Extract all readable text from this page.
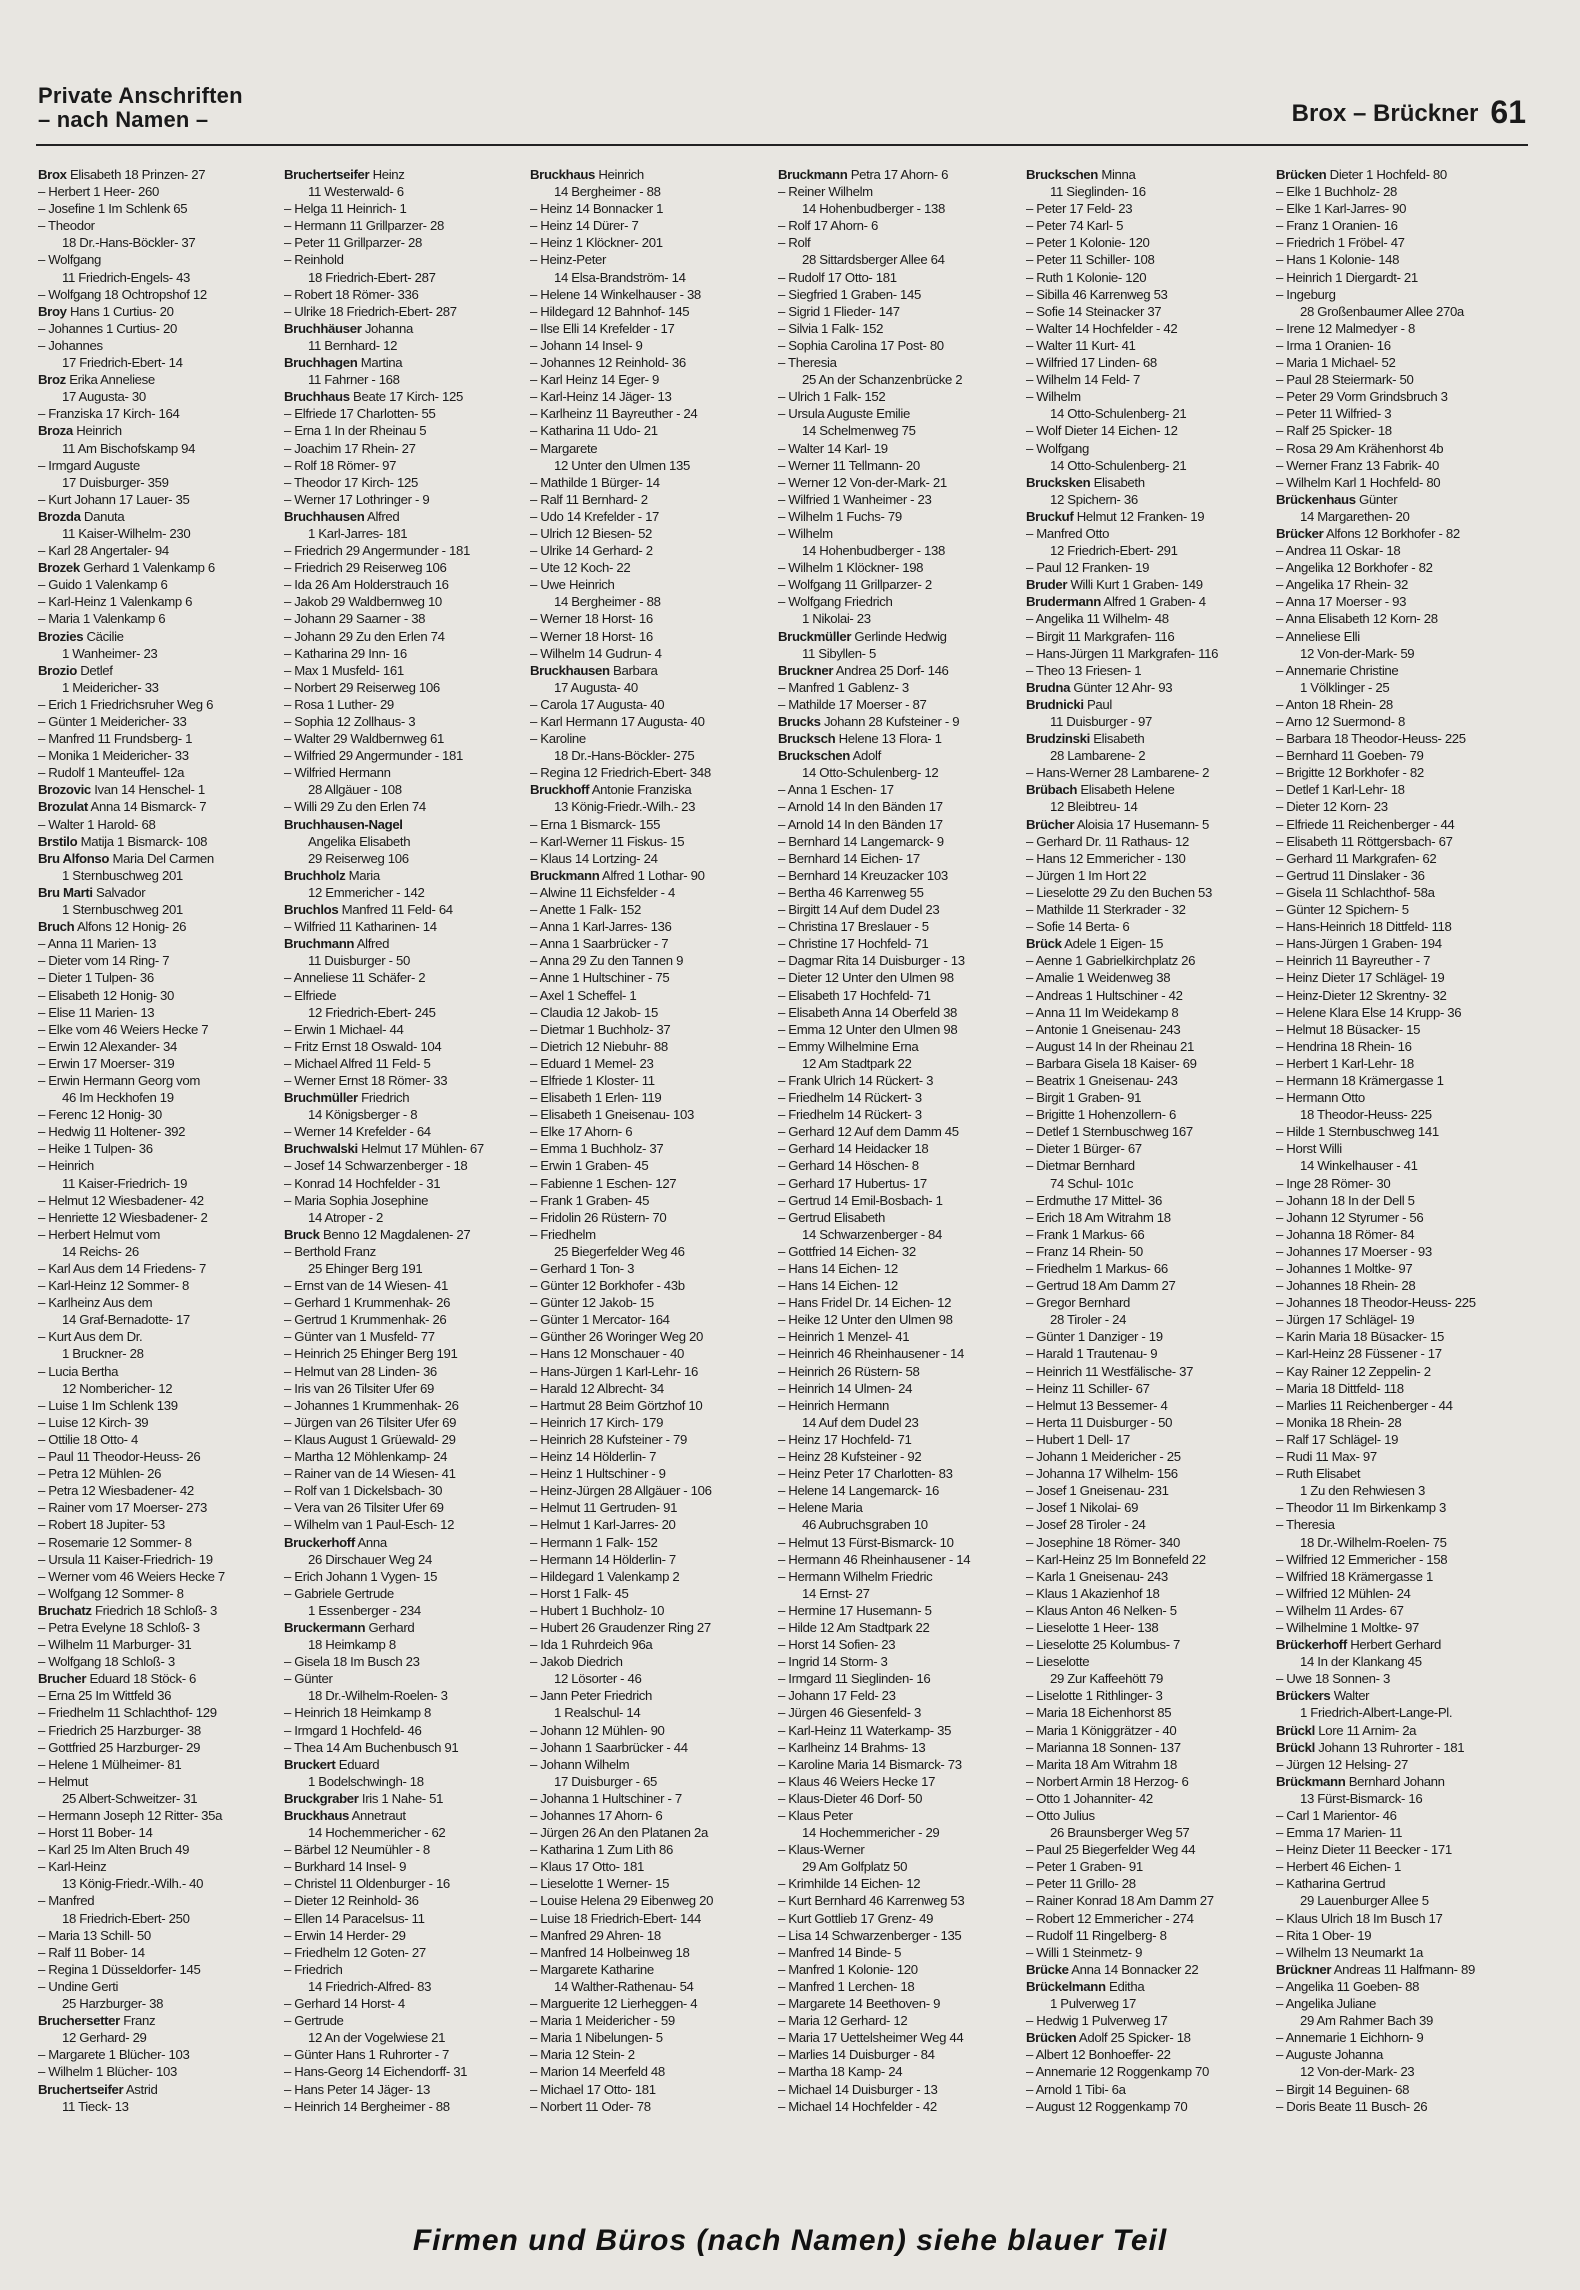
Private Anschriften
– nach Namen –	Brox – Brückner 61
Brox Elisabeth 18 Prinzen- 27
– Herbert 1 Heer- 260
– Josefine 1 Im Schlenk 65
– Theodor
18 Dr.-Hans-Böckler- 37
– Wolfgang
11 Friedrich-Engels- 43
– Wolfgang 18 Ochtropshof 12
Broy Hans 1 Curtius- 20
– Johannes 1 Curtius- 20
– Johannes
17 Friedrich-Ebert- 14
Broz Erika Anneliese
17 Augusta- 30
– Franziska 17 Kirch- 164
Broza Heinrich
11 Am Bischofskamp 94
– Irmgard Auguste
17 Duisburger- 359
– Kurt Johann 17 Lauer- 35
Brozda Danuta
11 Kaiser-Wilhelm- 230
– Karl 28 Angertaler- 94
Brozek Gerhard 1 Valenkamp 6
– Guido 1 Valenkamp 6
– Karl-Heinz 1 Valenkamp 6
– Maria 1 Valenkamp 6
Brozies Cäcilie
1 Wanheimer- 23
Brozio Detlef
1 Meidericher- 33
– Erich 1 Friedrichsruher Weg 6
– Günter 1 Meidericher- 33
– Manfred 11 Frundsberg- 1
– Monika 1 Meidericher- 33
– Rudolf 1 Manteuffel- 12a
Brozovic Ivan 14 Henschel- 1
Brozulat Anna 14 Bismarck- 7
– Walter 1 Harold- 68
Brstilo Matija 1 Bismarck- 108
Bru Alfonso Maria Del Carmen
1 Sternbuschweg 201
Bru Marti Salvador
1 Sternbuschweg 201
Bruch Alfons 12 Honig- 26
– Anna 11 Marien- 13
– Dieter vom 14 Ring- 7
– Dieter 1 Tulpen- 36
– Elisabeth 12 Honig- 30
– Elise 11 Marien- 13
– Elke vom 46 Weiers Hecke 7
– Erwin 12 Alexander- 34
– Erwin 17 Moerser- 319
– Erwin Hermann Georg vom
46 Im Heckhofen 19
– Ferenc 12 Honig- 30
– Hedwig 11 Holtener- 392
– Heike 1 Tulpen- 36
– Heinrich
11 Kaiser-Friedrich- 19
– Helmut 12 Wiesbadener- 42
– Henriette 12 Wiesbadener- 2
– Herbert Helmut vom
14 Reichs- 26
– Karl Aus dem 14 Friedens- 7
– Karl-Heinz 12 Sommer- 8
– Karlheinz Aus dem
14 Graf-Bernadotte- 17
– Kurt Aus dem Dr.
1 Bruckner- 28
– Lucia Bertha
12 Nombericher- 12
– Luise 1 Im Schlenk 139
– Luise 12 Kirch- 39
– Ottilie 18 Otto- 4
– Paul 11 Theodor-Heuss- 26
– Petra 12 Mühlen- 26
– Petra 12 Wiesbadener- 42
– Rainer vom 17 Moerser- 273
– Robert 18 Jupiter- 53
– Rosemarie 12 Sommer- 8
– Ursula 11 Kaiser-Friedrich- 19
– Werner vom 46 Weiers Hecke 7
– Wolfgang 12 Sommer- 8
Bruchatz Friedrich 18 Schloß- 3
– Petra Evelyne 18 Schloß- 3
– Wilhelm 11 Marburger- 31
– Wolfgang 18 Schloß- 3
Brucher Eduard 18 Stöck- 6
– Erna 25 Im Wittfeld 36
– Friedhelm 11 Schlachthof- 129
– Friedrich 25 Harzburger- 38
– Gottfried 25 Harzburger- 29
– Helene 1 Mülheimer- 81
– Helmut
25 Albert-Schweitzer- 31
– Hermann Joseph 12 Ritter- 35a
– Horst 11 Bober- 14
– Karl 25 Im Alten Bruch 49
– Karl-Heinz
13 König-Friedr.-Wilh.- 40
– Manfred
18 Friedrich-Ebert- 250
– Maria 13 Schill- 50
– Ralf 11 Bober- 14
– Regina 1 Düsseldorfer- 145
– Undine Gerti
25 Harzburger- 38
Bruchersetter Franz
12 Gerhard- 29
– Margarete 1 Blücher- 103
– Wilhelm 1 Blücher- 103
Bruchertseifer Astrid
11 Tieck- 13
Bruchertseifer Heinz
11 Westerwald- 6
– Helga 11 Heinrich- 1
– Hermann 11 Grillparzer- 28
– Peter 11 Grillparzer- 28
– Reinhold
18 Friedrich-Ebert- 287
– Robert 18 Römer- 336
– Ulrike 18 Friedrich-Ebert- 287
Bruchhäuser Johanna
11 Bernhard- 12
Bruchhagen Martina
11 Fahrner - 168
Bruchhaus Beate 17 Kirch- 125
– Elfriede 17 Charlotten- 55
– Erna 1 In der Rheinau 5
– Joachim 17 Rhein- 27
– Rolf 18 Römer- 97
– Theodor 17 Kirch- 125
– Werner 17 Lothringer - 9
Bruchhausen Alfred
1 Karl-Jarres- 181
– Friedrich 29 Angermunder - 181
– Friedrich 29 Reiserweg 106
– Ida 26 Am Holderstrauch 16
– Jakob 29 Waldbernweg 10
– Johann 29 Saarner - 38
– Johann 29 Zu den Erlen 74
– Katharina 29 Inn- 16
– Max 1 Musfeld- 161
– Norbert 29 Reiserweg 106
– Rosa 1 Luther- 29
– Sophia 12 Zollhaus- 3
– Walter 29 Waldbernweg 61
– Wilfried 29 Angermunder - 181
– Wilfried Hermann
28 Allgäuer - 108
– Willi 29 Zu den Erlen 74
Bruchhausen-Nagel
Angelika Elisabeth
29 Reiserweg 106
Bruchholz Maria
12 Emmericher - 142
Bruchlos Manfred 11 Feld- 64
– Wilfried 11 Katharinen- 14
Bruchmann Alfred
11 Duisburger - 50
– Anneliese 11 Schäfer- 2
– Elfriede
12 Friedrich-Ebert- 245
– Erwin 1 Michael- 44
– Fritz Ernst 18 Oswald- 104
– Michael Alfred 11 Feld- 5
– Werner Ernst 18 Römer- 33
Bruchmüller Friedrich
14 Königsberger - 8
– Werner 14 Krefelder - 64
Bruchwalski Helmut 17 Mühlen- 67
– Josef 14 Schwarzenberger - 18
– Konrad 14 Hochfelder - 31
– Maria Sophia Josephine
14 Atroper - 2
Bruck Benno 12 Magdalenen- 27
– Berthold Franz
25 Ehinger Berg 191
– Ernst van de 14 Wiesen- 41
– Gerhard 1 Krummenhak- 26
– Gertrud 1 Krummenhak- 26
– Günter van 1 Musfeld- 77
– Heinrich 25 Ehinger Berg 191
– Helmut van 28 Linden- 36
– Iris van 26 Tilsiter Ufer 69
– Johannes 1 Krummenhak- 26
– Jürgen van 26 Tilsiter Ufer 69
– Klaus August 1 Grüewald- 29
– Martha 12 Möhlenkamp- 24
– Rainer van de 14 Wiesen- 41
– Rolf van 1 Dickelsbach- 30
– Vera van 26 Tilsiter Ufer 69
– Wilhelm van 1 Paul-Esch- 12
Bruckerhoff Anna
26 Dirschauer Weg 24
– Erich Johann 1 Vygen- 15
– Gabriele Gertrude
1 Essenberger - 234
Bruckermann Gerhard
18 Heimkamp 8
– Gisela 18 Im Busch 23
– Günter
18 Dr.-Wilhelm-Roelen- 3
– Heinrich 18 Heimkamp 8
– Irmgard 1 Hochfeld- 46
– Thea 14 Am Buchenbusch 91
Bruckert Eduard
1 Bodelschwingh- 18
Bruckgraber Iris 1 Nahe- 51
Bruckhaus Annetraut
14 Hochemmericher - 62
– Bärbel 12 Neumühler - 8
– Burkhard 14 Insel- 9
– Christel 11 Oldenburger - 16
– Dieter 12 Reinhold- 36
– Ellen 14 Paracelsus- 11
– Erwin 14 Herder- 29
– Friedhelm 12 Goten- 27
– Friedrich
14 Friedrich-Alfred- 83
– Gerhard 14 Horst- 4
– Gertrude
12 An der Vogelwiese 21
– Günter Hans 1 Ruhrorter - 7
– Hans-Georg 14 Eichendorff- 31
– Hans Peter 14 Jäger- 13
– Heinrich 14 Bergheimer - 88
Bruckhaus Heinrich
14 Bergheimer - 88
– Heinz 14 Bonnacker 1
– Heinz 14 Dürer- 7
– Heinz 1 Klöckner- 201
– Heinz-Peter
14 Elsa-Brandström- 14
– Helene 14 Winkelhauser - 38
– Hildegard 12 Bahnhof- 145
– Ilse Elli 14 Krefelder - 17
– Johann 14 Insel- 9
– Johannes 12 Reinhold- 36
– Karl Heinz 14 Eger- 9
– Karl-Heinz 14 Jäger- 13
– Karlheinz 11 Bayreuther - 24
– Katharina 11 Udo- 21
– Margarete
12 Unter den Ulmen 135
– Mathilde 1 Bürger- 14
– Ralf 11 Bernhard- 2
– Udo 14 Krefelder - 17
– Ulrich 12 Biesen- 52
– Ulrike 14 Gerhard- 2
– Ute 12 Koch- 22
– Uwe Heinrich
14 Bergheimer - 88
– Werner 18 Horst- 16
– Werner 18 Horst- 16
– Wilhelm 14 Gudrun- 4
Bruckhausen Barbara
17 Augusta- 40
– Carola 17 Augusta- 40
– Karl Hermann 17 Augusta- 40
– Karoline
18 Dr.-Hans-Böckler- 275
– Regina 12 Friedrich-Ebert- 348
Bruckhoff Antonie Franziska
13 König-Friedr.-Wilh.- 23
– Erna 1 Bismarck- 155
– Karl-Werner 11 Fiskus- 15
– Klaus 14 Lortzing- 24
Bruckmann Alfred 1 Lothar- 90
– Alwine 11 Eichsfelder - 4
– Anette 1 Falk- 152
– Anna 1 Karl-Jarres- 136
– Anna 1 Saarbrücker - 7
– Anna 29 Zu den Tannen 9
– Anne 1 Hultschiner - 75
– Axel 1 Scheffel- 1
– Claudia 12 Jakob- 15
– Dietmar 1 Buchholz- 37
– Dietrich 12 Niebuhr- 88
– Eduard 1 Memel- 23
– Elfriede 1 Kloster- 11
– Elisabeth 1 Erlen- 119
– Elisabeth 1 Gneisenau- 103
– Elke 17 Ahorn- 6
– Emma 1 Buchholz- 37
– Erwin 1 Graben- 45
– Fabienne 1 Eschen- 127
– Frank 1 Graben- 45
– Fridolin 26 Rüstern- 70
– Friedhelm
25 Biegerfelder Weg 46
– Gerhard 1 Ton- 3
– Günter 12 Borkhofer - 43b
– Günter 12 Jakob- 15
– Günter 1 Mercator- 164
– Günther 26 Woringer Weg 20
– Hans 12 Monschauer - 40
– Hans-Jürgen 1 Karl-Lehr- 16
– Harald 12 Albrecht- 34
– Hartmut 28 Beim Görtzhof 10
– Heinrich 17 Kirch- 179
– Heinrich 28 Kufsteiner - 79
– Heinz 14 Hölderlin- 7
– Heinz 1 Hultschiner - 9
– Heinz-Jürgen 28 Allgäuer - 106
– Helmut 11 Gertruden- 91
– Helmut 1 Karl-Jarres- 20
– Hermann 1 Falk- 152
– Hermann 14 Hölderlin- 7
– Hildegard 1 Valenkamp 2
– Horst 1 Falk- 45
– Hubert 1 Buchholz- 10
– Hubert 26 Graudenzer Ring 27
– Ida 1 Ruhrdeich 96a
– Jakob Diedrich
12 Lösorter - 46
– Jann Peter Friedrich
1 Realschul- 14
– Johann 12 Mühlen- 90
– Johann 1 Saarbrücker - 44
– Johann Wilhelm
17 Duisburger - 65
– Johanna 1 Hultschiner - 7
– Johannes 17 Ahorn- 6
– Jürgen 26 An den Platanen 2a
– Katharina 1 Zum Lith 86
– Klaus 17 Otto- 181
– Lieselotte 1 Werner- 15
– Louise Helena 29 Eibenweg 20
– Luise 18 Friedrich-Ebert- 144
– Manfred 29 Ahren- 18
– Manfred 14 Holbeinweg 18
– Margarete Katharine
14 Walther-Rathenau- 54
– Marguerite 12 Lierheggen- 4
– Maria 1 Meidericher - 59
– Maria 1 Nibelungen- 5
– Maria 12 Stein- 2
– Marion 14 Meerfeld 48
– Michael 17 Otto- 181
– Norbert 11 Oder- 78
Bruckmann Petra 17 Ahorn- 6
– Reiner Wilhelm
14 Hohenbudberger - 138
– Rolf 17 Ahorn- 6
– Rolf
28 Sittardsberger Allee 64
– Rudolf 17 Otto- 181
– Siegfried 1 Graben- 145
– Sigrid 1 Flieder- 147
– Silvia 1 Falk- 152
– Sophia Carolina 17 Post- 80
– Theresia
25 An der Schanzenbrücke 2
– Ulrich 1 Falk- 152
– Ursula Auguste Emilie
14 Schelmenweg 75
– Walter 14 Karl- 19
– Werner 11 Tellmann- 20
– Werner 12 Von-der-Mark- 21
– Wilfried 1 Wanheimer - 23
– Wilhelm 1 Fuchs- 79
– Wilhelm
14 Hohenbudberger - 138
– Wilhelm 1 Klöckner- 198
– Wolfgang 11 Grillparzer- 2
– Wolfgang Friedrich
1 Nikolai- 23
Bruckmüller Gerlinde Hedwig
11 Sibyllen- 5
Bruckner Andrea 25 Dorf- 146
– Manfred 1 Gablenz- 3
– Mathilde 17 Moerser - 87
Brucks Johann 28 Kufsteiner - 9
Brucksch Helene 13 Flora- 1
Bruckschen Adolf
14 Otto-Schulenberg- 12
– Anna 1 Eschen- 17
– Arnold 14 In den Bänden 17
– Arnold 14 In den Bänden 17
– Bernhard 14 Langemarck- 9
– Bernhard 14 Eichen- 17
– Bernhard 14 Kreuzacker 103
– Bertha 46 Karrenweg 55
– Birgitt 14 Auf dem Dudel 23
– Christina 17 Breslauer - 5
– Christine 17 Hochfeld- 71
– Dagmar Rita 14 Duisburger - 13
– Dieter 12 Unter den Ulmen 98
– Elisabeth 17 Hochfeld- 71
– Elisabeth Anna 14 Oberfeld 38
– Emma 12 Unter den Ulmen 98
– Emmy Wilhelmine Erna
12 Am Stadtpark 22
– Frank Ulrich 14 Rückert- 3
– Friedhelm 14 Rückert- 3
– Friedhelm 14 Rückert- 3
– Gerhard 12 Auf dem Damm 45
– Gerhard 14 Heidacker 18
– Gerhard 14 Höschen- 8
– Gerhard 17 Hubertus- 17
– Gertrud 14 Emil-Bosbach- 1
– Gertrud Elisabeth
14 Schwarzenberger - 84
– Gottfried 14 Eichen- 32
– Hans 14 Eichen- 12
– Hans 14 Eichen- 12
– Hans Fridel Dr. 14 Eichen- 12
– Heike 12 Unter den Ulmen 98
– Heinrich 1 Menzel- 41
– Heinrich 46 Rheinhausener - 14
– Heinrich 26 Rüstern- 58
– Heinrich 14 Ulmen- 24
– Heinrich Hermann
14 Auf dem Dudel 23
– Heinz 17 Hochfeld- 71
– Heinz 28 Kufsteiner - 92
– Heinz Peter 17 Charlotten- 83
– Helene 14 Langemarck- 16
– Helene Maria
46 Aubruchsgraben 10
– Helmut 13 Fürst-Bismarck- 10
– Hermann 46 Rheinhausener - 14
– Hermann Wilhelm Friedric
14 Ernst- 27
– Hermine 17 Husemann- 5
– Hilde 12 Am Stadtpark 22
– Horst 14 Sofien- 23
– Ingrid 14 Storm- 3
– Irmgard 11 Sieglinden- 16
– Johann 17 Feld- 23
– Jürgen 46 Giesenfeld- 3
– Karl-Heinz 11 Waterkamp- 35
– Karlheinz 14 Brahms- 13
– Karoline Maria 14 Bismarck- 73
– Klaus 46 Weiers Hecke 17
– Klaus-Dieter 46 Dorf- 50
– Klaus Peter
14 Hochemmericher - 29
– Klaus-Werner
29 Am Golfplatz 50
– Krimhilde 14 Eichen- 12
– Kurt Bernhard 46 Karrenweg 53
– Kurt Gottlieb 17 Grenz- 49
– Lisa 14 Schwarzenberger - 135
– Manfred 14 Binde- 5
– Manfred 1 Kolonie- 120
– Manfred 1 Lerchen- 18
– Margarete 14 Beethoven- 9
– Maria 12 Gerhard- 12
– Maria 17 Uettelsheimer Weg 44
– Marlies 14 Duisburger - 84
– Martha 18 Kamp- 24
– Michael 14 Duisburger - 13
– Michael 14 Hochfelder - 42
Bruckschen Minna
11 Sieglinden- 16
– Peter 17 Feld- 23
– Peter 74 Karl- 5
– Peter 1 Kolonie- 120
– Peter 11 Schiller- 108
– Ruth 1 Kolonie- 120
– Sibilla 46 Karrenweg 53
– Sofie 14 Steinacker 37
– Walter 14 Hochfelder - 42
– Walter 11 Kurt- 41
– Wilfried 17 Linden- 68
– Wilhelm 14 Feld- 7
– Wilhelm
14 Otto-Schulenberg- 21
– Wolf Dieter 14 Eichen- 12
– Wolfgang
14 Otto-Schulenberg- 21
Brucksken Elisabeth
12 Spichern- 36
Bruckuf Helmut 12 Franken- 19
– Manfred Otto
12 Friedrich-Ebert- 291
– Paul 12 Franken- 19
Bruder Willi Kurt 1 Graben- 149
Brudermann Alfred 1 Graben- 4
– Angelika 11 Wilhelm- 48
– Birgit 11 Markgrafen- 116
– Hans-Jürgen 11 Markgrafen- 116
– Theo 13 Friesen- 1
Brudna Günter 12 Ahr- 93
Brudnicki Paul
11 Duisburger - 97
Brudzinski Elisabeth
28 Lambarene- 2
– Hans-Werner 28 Lambarene- 2
Brübach Elisabeth Helene
12 Bleibtreu- 14
Brücher Aloisia 17 Husemann- 5
– Gerhard Dr. 11 Rathaus- 12
– Hans 12 Emmericher - 130
– Jürgen 1 Im Hort 22
– Lieselotte 29 Zu den Buchen 53
– Mathilde 11 Sterkrader - 32
– Sofie 14 Berta- 6
Brück Adele 1 Eigen- 15
– Aenne 1 Gabrielkirchplatz 26
– Amalie 1 Weidenweg 38
– Andreas 1 Hultschiner - 42
– Anna 11 Im Weidekamp 8
– Antonie 1 Gneisenau- 243
– August 14 In der Rheinau 21
– Barbara Gisela 18 Kaiser- 69
– Beatrix 1 Gneisenau- 243
– Birgit 1 Graben- 91
– Brigitte 1 Hohenzollern- 6
– Detlef 1 Sternbuschweg 167
– Dieter 1 Bürger- 67
– Dietmar Bernhard
74 Schul- 101c
– Erdmuthe 17 Mittel- 36
– Erich 18 Am Witrahm 18
– Frank 1 Markus- 66
– Franz 14 Rhein- 50
– Friedhelm 1 Markus- 66
– Gertrud 18 Am Damm 27
– Gregor Bernhard
28 Tiroler - 24
– Günter 1 Danziger - 19
– Harald 1 Trautenau- 9
– Heinrich 11 Westfälische- 37
– Heinz 11 Schiller- 67
– Helmut 13 Bessemer- 4
– Herta 11 Duisburger - 50
– Hubert 1 Dell- 17
– Johann 1 Meidericher - 25
– Johanna 17 Wilhelm- 156
– Josef 1 Gneisenau- 231
– Josef 1 Nikolai- 69
– Josef 28 Tiroler - 24
– Josephine 18 Römer- 340
– Karl-Heinz 25 Im Bonnefeld 22
– Karla 1 Gneisenau- 243
– Klaus 1 Akazienhof 18
– Klaus Anton 46 Nelken- 5
– Lieselotte 1 Heer- 138
– Lieselotte 25 Kolumbus- 7
– Lieselotte
29 Zur Kaffeehött 79
– Liselotte 1 Rithlinger- 3
– Maria 18 Eichenhorst 85
– Maria 1 Königgrätzer - 40
– Marianna 18 Sonnen- 137
– Marita 18 Am Witrahm 18
– Norbert Armin 18 Herzog- 6
– Otto 1 Johanniter- 42
– Otto Julius
26 Braunsberger Weg 57
– Paul 25 Biegerfelder Weg 44
– Peter 1 Graben- 91
– Peter 11 Grillo- 28
– Rainer Konrad 18 Am Damm 27
– Robert 12 Emmericher - 274
– Rudolf 11 Ringelberg- 8
– Willi 1 Steinmetz- 9
Brücke Anna 14 Bonnacker 22
Brückelmann Editha
1 Pulverweg 17
– Hedwig 1 Pulverweg 17
Brücken Adolf 25 Spicker- 18
– Albert 12 Bonhoeffer- 22
– Annemarie 12 Roggenkamp 70
– Arnold 1 Tibi- 6a
– August 12 Roggenkamp 70
Brücken Dieter 1 Hochfeld- 80
– Elke 1 Buchholz- 28
– Elke 1 Karl-Jarres- 90
– Franz 1 Oranien- 16
– Friedrich 1 Fröbel- 47
– Hans 1 Kolonie- 148
– Heinrich 1 Diergardt- 21
– Ingeburg
28 Großenbaumer Allee 270a
– Irene 12 Malmedyer - 8
– Irma 1 Oranien- 16
– Maria 1 Michael- 52
– Paul 28 Steiermark- 50
– Peter 29 Vorm Grindsbruch 3
– Peter 11 Wilfried- 3
– Ralf 25 Spicker- 18
– Rosa 29 Am Krähenhorst 4b
– Werner Franz 13 Fabrik- 40
– Wilhelm Karl 1 Hochfeld- 80
Brückenhaus Günter
14 Margarethen- 20
Brücker Alfons 12 Borkhofer - 82
– Andrea 11 Oskar- 18
– Angelika 12 Borkhofer - 82
– Angelika 17 Rhein- 32
– Anna 17 Moerser - 93
– Anna Elisabeth 12 Korn- 28
– Anneliese Elli
12 Von-der-Mark- 59
– Annemarie Christine
1 Völklinger - 25
– Anton 18 Rhein- 28
– Arno 12 Suermond- 8
– Barbara 18 Theodor-Heuss- 225
– Bernhard 11 Goeben- 79
– Brigitte 12 Borkhofer - 82
– Detlef 1 Karl-Lehr- 18
– Dieter 12 Korn- 23
– Elfriede 11 Reichenberger - 44
– Elisabeth 11 Röttgersbach- 67
– Gerhard 11 Markgrafen- 62
– Gertrud 11 Dinslaker - 36
– Gisela 11 Schlachthof- 58a
– Günter 12 Spichern- 5
– Hans-Heinrich 18 Dittfeld- 118
– Hans-Jürgen 1 Graben- 194
– Heinrich 11 Bayreuther - 7
– Heinz Dieter 17 Schlägel- 19
– Heinz-Dieter 12 Skrentny- 32
– Helene Klara Else 14 Krupp- 36
– Helmut 18 Büsacker- 15
– Hendrina 18 Rhein- 16
– Herbert 1 Karl-Lehr- 18
– Hermann 18 Krämergasse 1
– Hermann Otto
18 Theodor-Heuss- 225
– Hilde 1 Sternbuschweg 141
– Horst Willi
14 Winkelhauser - 41
– Inge 28 Römer- 30
– Johann 18 In der Dell 5
– Johann 12 Styrumer - 56
– Johanna 18 Römer- 84
– Johannes 17 Moerser - 93
– Johannes 1 Moltke- 97
– Johannes 18 Rhein- 28
– Johannes 18 Theodor-Heuss- 225
– Jürgen 17 Schlägel- 19
– Karin Maria 18 Büsacker- 15
– Karl-Heinz 28 Füssener - 17
– Kay Rainer 12 Zeppelin- 2
– Maria 18 Dittfeld- 118
– Marlies 11 Reichenberger - 44
– Monika 18 Rhein- 28
– Ralf 17 Schlägel- 19
– Rudi 11 Max- 97
– Ruth Elisabet
1 Zu den Rehwiesen 3
– Theodor 11 Im Birkenkamp 3
– Theresia
18 Dr.-Wilhelm-Roelen- 75
– Wilfried 12 Emmericher - 158
– Wilfried 18 Krämergasse 1
– Wilfried 12 Mühlen- 24
– Wilhelm 11 Ardes- 67
– Wilhelmine 1 Moltke- 97
Brückerhoff Herbert Gerhard
14 In der Klankang 45
– Uwe 18 Sonnen- 3
Brückers Walter
1 Friedrich-Albert-Lange-Pl.
Brückl Lore 11 Arnim- 2a
Brückl Johann 13 Ruhrorter - 181
– Jürgen 12 Helsing- 27
Brückmann Bernhard Johann
13 Fürst-Bismarck- 16
– Carl 1 Marientor- 46
– Emma 17 Marien- 11
– Heinz Dieter 11 Beecker - 171
– Herbert 46 Eichen- 1
– Katharina Gertrud
29 Lauenburger Allee 5
– Klaus Ulrich 18 Im Busch 17
– Rita 1 Ober- 19
– Wilhelm 13 Neumarkt 1a
Brückner Andreas 11 Halfmann- 89
– Angelika 11 Goeben- 88
– Angelika Juliane
29 Am Rahmer Bach 39
– Annemarie 1 Eichhorn- 9
– Auguste Johanna
12 Von-der-Mark- 23
– Birgit 14 Beguinen- 68
– Doris Beate 11 Busch- 26
Firmen und Büros (nach Namen) siehe blauer Teil
